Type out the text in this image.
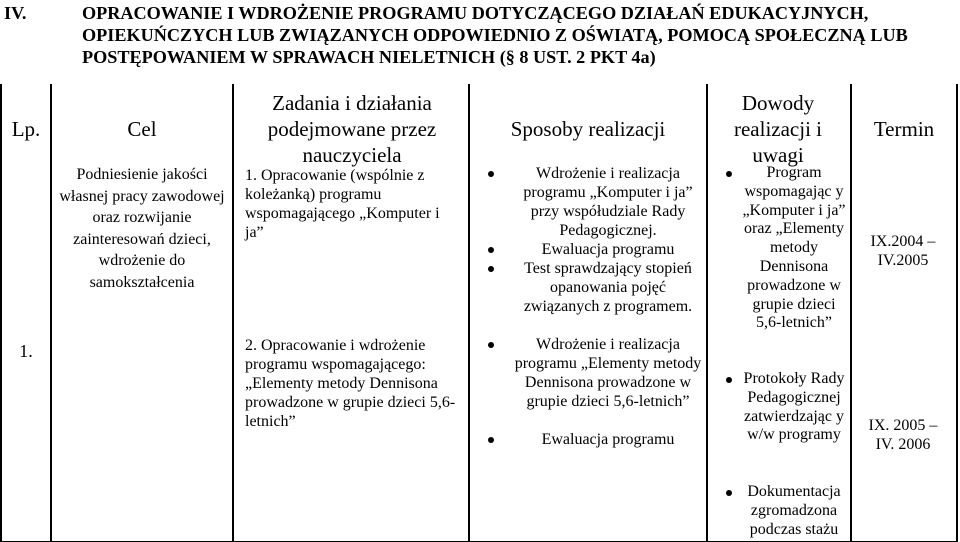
IV.	OPRACOWANIE I WDROŻENIE PROGRAMU DOTYCZĄCEGO DZIAŁAŃ EDUKACYJNYCH,
OPIEKUŃCZYCH LUB ZWIĄZANYCH ODPOWIEDNIO Z OŚWIATĄ, POMOCĄ SPOŁECZNĄ LUB
POSTĘPOWANIEM W SPRAWACH NIELETNICH (§ 8 UST. 2 PKT 4a)
Lp.	Cel
Zadania i działania podejmowane przez nauczyciela
Sposoby realizacji
Dowody realizacji i uwagi
Termin
1.
Podniesienie jakości własnej pracy zawodowej oraz rozwijanie zainteresowań dzieci, wdrożenie do samokształcenia
1. Opracowanie (wspólnie z koleżanką) programu wspomagającego „Komputer i ja”
2. Opracowanie i wdrożenie programu wspomagającego: „Elementy metody Dennisona prowadzone w grupie dzieci 5,6-letnich”
Wdrożenie i realizacja programu „Komputer i ja” przy współudziale Rady Pedagogicznej.
Ewaluacja programu
Test sprawdzający stopień opanowania pojęć związanych z programem.
Wdrożenie i realizacja programu „Elementy metody Dennisona prowadzone w grupie dzieci 5,6-letnich”
Ewaluacja programu
Program wspomagając y „Komputer i ja” oraz „Elementy metody Dennisona prowadzone w grupie dzieci 5,6-letnich”
Protokoły Rady Pedagogicznej zatwierdzając y w/w programy
Dokumentacja zgromadzona podczas stażu
IX.2004 – IV.2005
IX. 2005 – IV. 2006
